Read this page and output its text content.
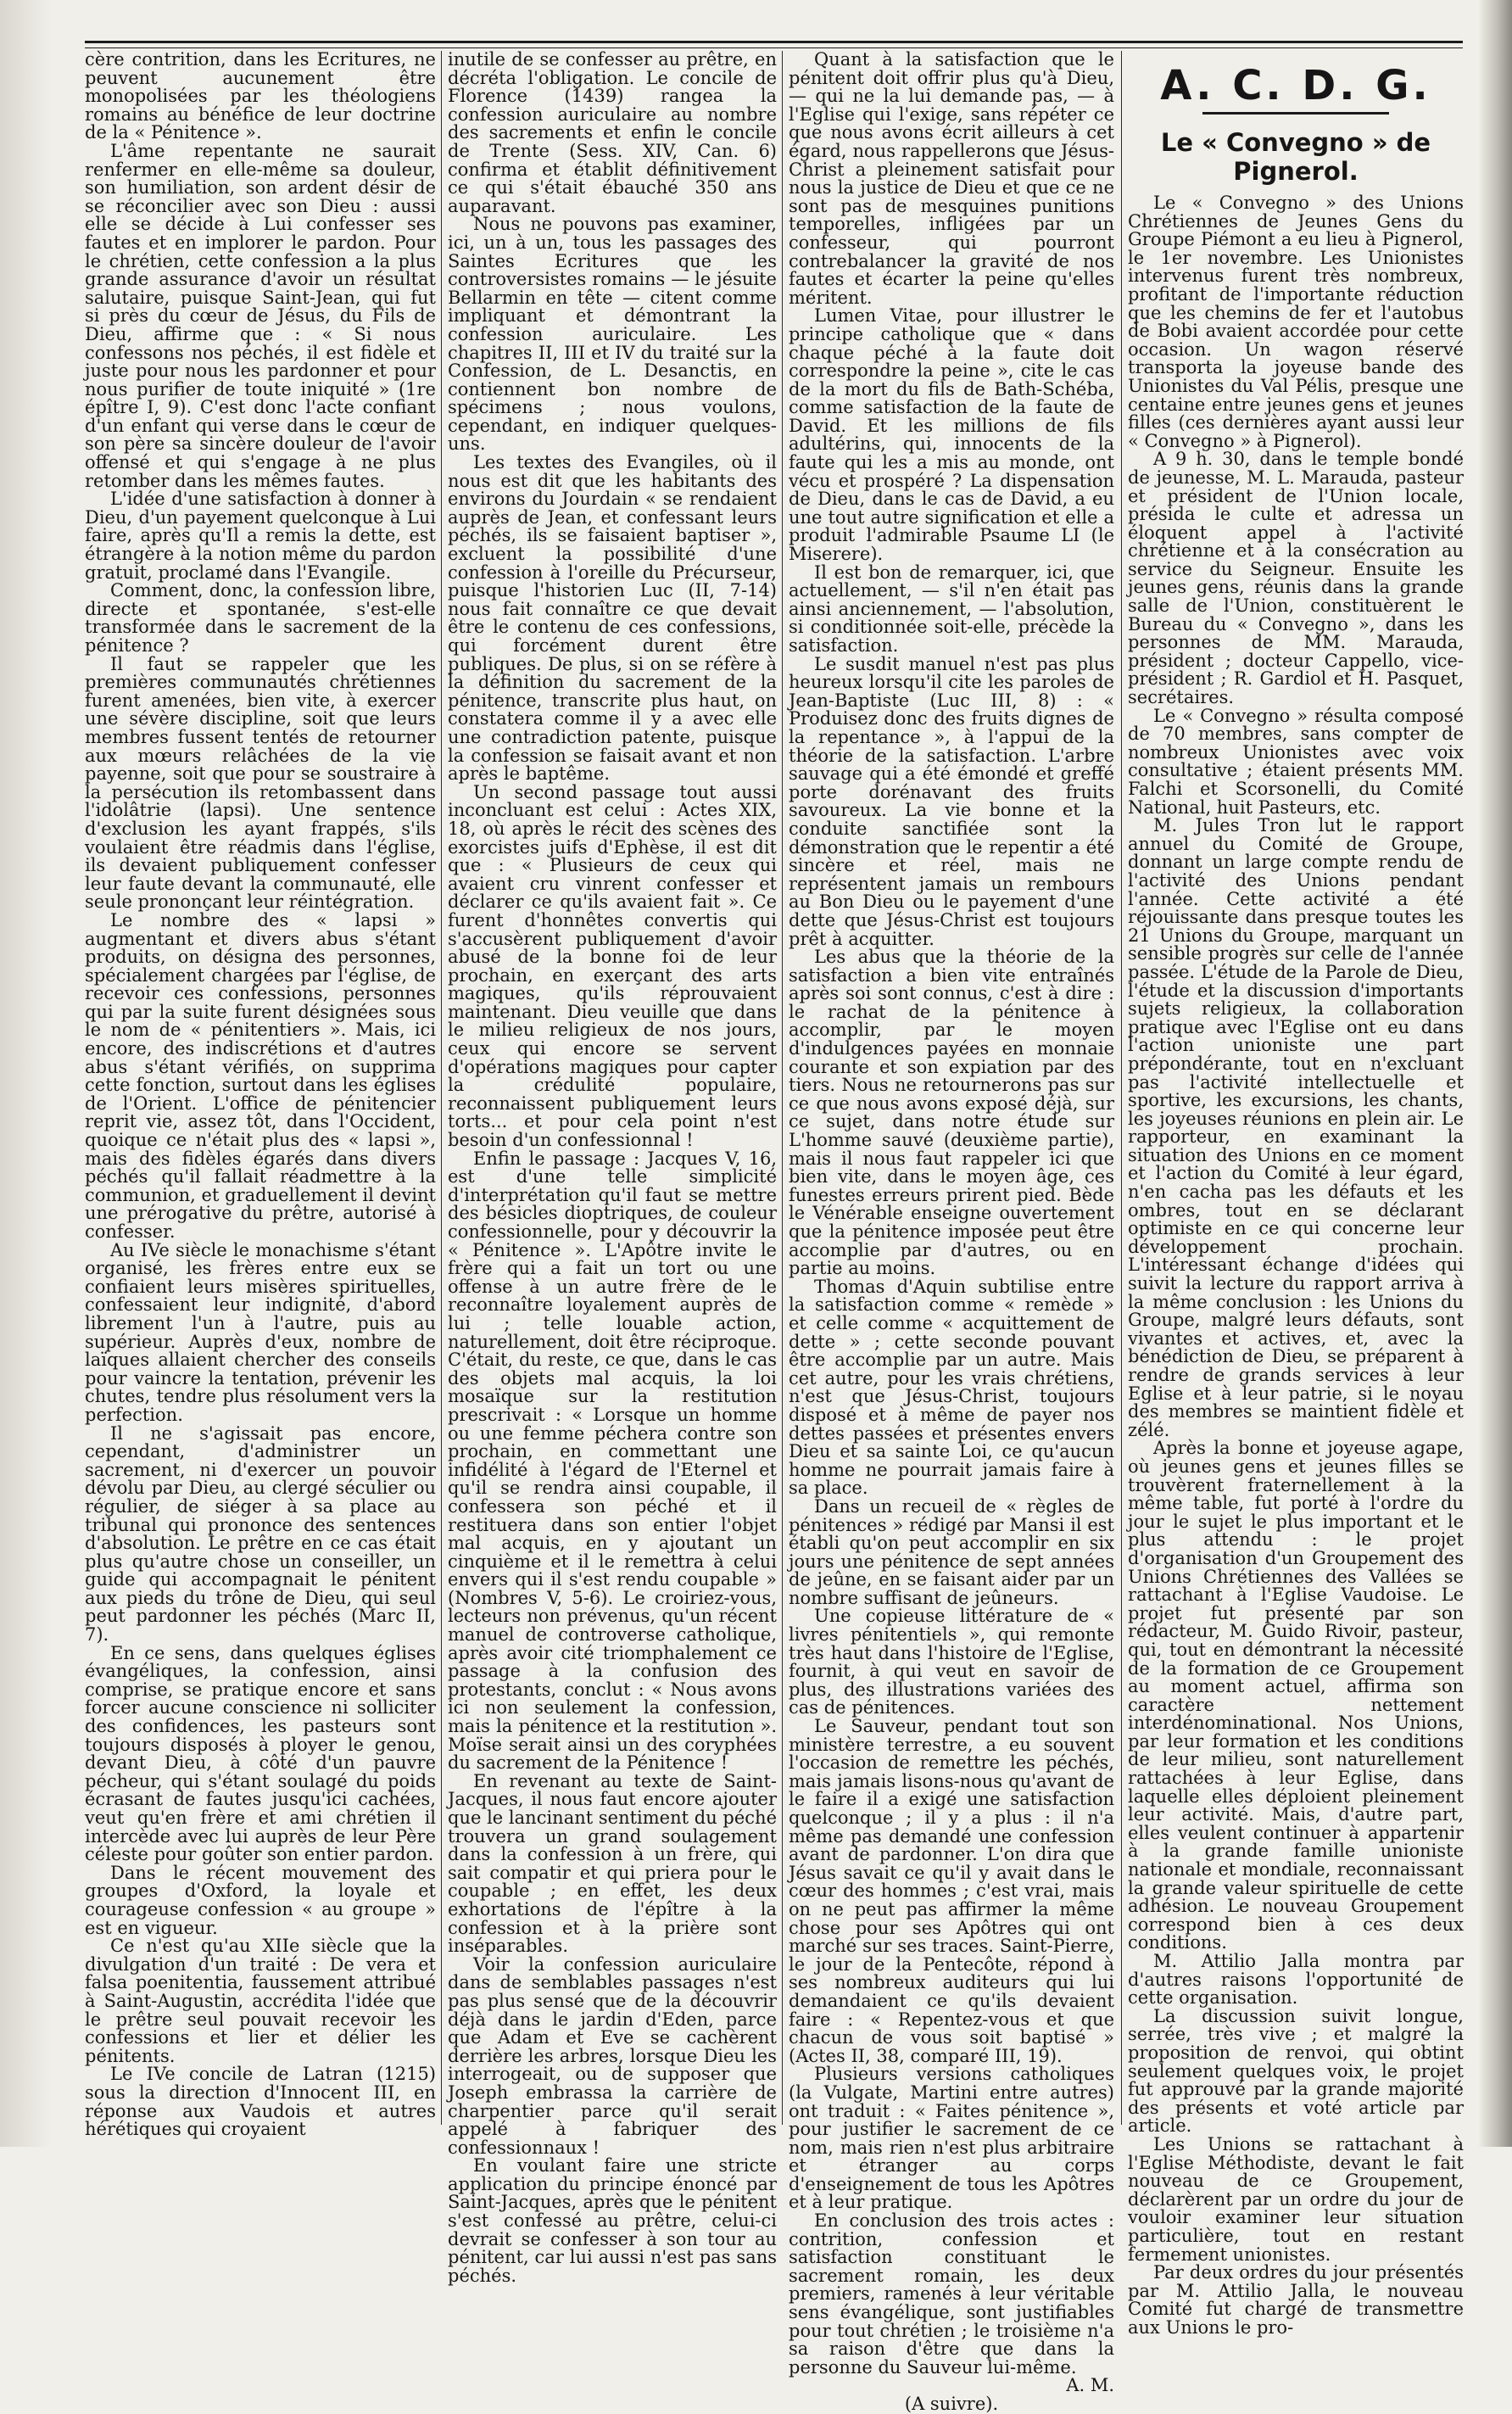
cère contrition, dans les Ecritures, ne peuvent aucunement être monopolisées par les théologiens romains au bénéfice de leur doctrine de la « Pénitence ».

L'âme repentante ne saurait renfermer en elle-même sa douleur, son humiliation, son ardent désir de se réconcilier avec son Dieu : aussi elle se décide à Lui confesser ses fautes et en implorer le pardon. Pour le chrétien, cette confession a la plus grande assurance d'avoir un résultat salutaire, puisque Saint-Jean, qui fut si près du cœur de Jésus, du Fils de Dieu, affirme que : « Si nous confessons nos péchés, il est fidèle et juste pour nous les pardonner et pour nous purifier de toute iniquité » (1re épître I, 9). C'est donc l'acte confiant d'un enfant qui verse dans le cœur de son père sa sincère douleur de l'avoir offensé et qui s'engage à ne plus retomber dans les mêmes fautes.

L'idée d'une satisfaction à donner à Dieu, d'un payement quelconque à Lui faire, après qu'Il a remis la dette, est étrangère à la notion même du pardon gratuit, proclamé dans l'Evangile.

Comment, donc, la confession libre, directe et spontanée, s'est-elle transformée dans le sacrement de la pénitence ?

Il faut se rappeler que les premières communautés chrétiennes furent amenées, bien vite, à exercer une sévère discipline, soit que leurs membres fussent tentés de retourner aux mœurs relâchées de la vie payenne, soit que pour se soustraire à la persécution ils retombassent dans l'idolâtrie (lapsi). Une sentence d'exclusion les ayant frappés, s'ils voulaient être réadmis dans l'église, ils devaient publiquement confesser leur faute devant la communauté, elle seule prononçant leur réintégration.

Le nombre des « lapsi » augmentant et divers abus s'étant produits, on désigna des personnes, spécialement chargées par l'église, de recevoir ces confessions, personnes qui par la suite furent désignées sous le nom de « pénitentiers ». Mais, ici encore, des indiscrétions et d'autres abus s'étant vérifiés, on supprima cette fonction, surtout dans les églises de l'Orient. L'office de pénitencier reprit vie, assez tôt, dans l'Occident, quoique ce n'était plus des « lapsi », mais des fidèles égarés dans divers péchés qu'il fallait réadmettre à la communion, et graduellement il devint une prérogative du prêtre, autorisé à confesser.

Au IVe siècle le monachisme s'étant organisé, les frères entre eux se confiaient leurs misères spirituelles, confessaient leur indignité, d'abord librement l'un à l'autre, puis au supérieur. Auprès d'eux, nombre de laïques allaient chercher des conseils pour vaincre la tentation, prévenir les chutes, tendre plus résolument vers la perfection.

Il ne s'agissait pas encore, cependant, d'administrer un sacrement, ni d'exercer un pouvoir dévolu par Dieu, au clergé séculier ou régulier, de siéger à sa place au tribunal qui prononce des sentences d'absolution. Le prêtre en ce cas était plus qu'autre chose un conseiller, un guide qui accompagnait le pénitent aux pieds du trône de Dieu, qui seul peut pardonner les péchés (Marc II, 7).

En ce sens, dans quelques églises évangéliques, la confession, ainsi comprise, se pratique encore et sans forcer aucune conscience ni solliciter des confidences, les pasteurs sont toujours disposés à ployer le genou, devant Dieu, à côté d'un pauvre pécheur, qui s'étant soulagé du poids écrasant de fautes jusqu'ici cachées, veut qu'en frère et ami chrétien il intercède avec lui auprès de leur Père céleste pour goûter son entier pardon.

Dans le récent mouvement des groupes d'Oxford, la loyale et courageuse confession « au groupe » est en vigueur.

Ce n'est qu'au XIIe siècle que la divulgation d'un traité : De vera et falsa poenitentia, faussement attribué à Saint-Augustin, accrédita l'idée que le prêtre seul pouvait recevoir les confessions et lier et délier les pénitents.

Le IVe concile de Latran (1215) sous la direction d'Innocent III, en réponse aux Vaudois et autres hérétiques qui croyaient

inutile de se confesser au prêtre, en décréta l'obligation. Le concile de Florence (1439) rangea la confession auriculaire au nombre des sacrements et enfin le concile de Trente (Sess. XIV, Can. 6) confirma et établit définitivement ce qui s'était ébauché 350 ans auparavant.

Nous ne pouvons pas examiner, ici, un à un, tous les passages des Saintes Ecritures que les controversistes romains — le jésuite Bellarmin en tête — citent comme impliquant et démontrant la confession auriculaire. Les chapitres II, III et IV du traité sur la Confession, de L. Desanctis, en contiennent bon nombre de spécimens ; nous voulons, cependant, en indiquer quelques-uns.

Les textes des Evangiles, où il nous est dit que les habitants des environs du Jourdain « se rendaient auprès de Jean, et confessant leurs péchés, ils se faisaient baptiser », excluent la possibilité d'une confession à l'oreille du Précurseur, puisque l'historien Luc (II, 7-14) nous fait connaître ce que devait être le contenu de ces confessions, qui forcément durent être publiques. De plus, si on se réfère à la définition du sacrement de la pénitence, transcrite plus haut, on constatera comme il y a avec elle une contradiction patente, puisque la confession se faisait avant et non après le baptême.

Un second passage tout aussi inconcluant est celui : Actes XIX, 18, où après le récit des scènes des exorcistes juifs d'Ephèse, il est dit que : « Plusieurs de ceux qui avaient cru vinrent confesser et déclarer ce qu'ils avaient fait ». Ce furent d'honnêtes convertis qui s'accusèrent publiquement d'avoir abusé de la bonne foi de leur prochain, en exerçant des arts magiques, qu'ils réprouvaient maintenant. Dieu veuille que dans le milieu religieux de nos jours, ceux qui encore se servent d'opérations magiques pour capter la crédulité populaire, reconnaissent publiquement leurs torts... et pour cela point n'est besoin d'un confessionnal !

Enfin le passage : Jacques V, 16, est d'une telle simplicité d'interprétation qu'il faut se mettre des bésicles dioptriques, de couleur confessionnelle, pour y découvrir la « Pénitence ». L'Apôtre invite le frère qui a fait un tort ou une offense à un autre frère de le reconnaître loyalement auprès de lui ; telle louable action, naturellement, doit être réciproque. C'était, du reste, ce que, dans le cas des objets mal acquis, la loi mosaïque sur la restitution prescrivait : « Lorsque un homme ou une femme péchera contre son prochain, en commettant une infidélité à l'égard de l'Eternel et qu'il se rendra ainsi coupable, il confessera son péché et il restituera dans son entier l'objet mal acquis, en y ajoutant un cinquième et il le remettra à celui envers qui il s'est rendu coupable » (Nombres V, 5-6). Le croiriez-vous, lecteurs non prévenus, qu'un récent manuel de controverse catholique, après avoir cité triomphalement ce passage à la confusion des protestants, conclut : « Nous avons ici non seulement la confession, mais la pénitence et la restitution ». Moïse serait ainsi un des coryphées du sacrement de la Pénitence !

En revenant au texte de Saint-Jacques, il nous faut encore ajouter que le lancinant sentiment du péché trouvera un grand soulagement dans la confession à un frère, qui sait compatir et qui priera pour le coupable ; en effet, les deux exhortations de l'épître à la confession et à la prière sont inséparables.

Voir la confession auriculaire dans de semblables passages n'est pas plus sensé que de la découvrir déjà dans le jardin d'Eden, parce que Adam et Eve se cachèrent derrière les arbres, lorsque Dieu les interrogeait, ou de supposer que Joseph embrassa la carrière de charpentier parce qu'il serait appelé à fabriquer des confessionnaux !

En voulant faire une stricte application du principe énoncé par Saint-Jacques, après que le pénitent s'est confessé au prêtre, celui-ci devrait se confesser à son tour au pénitent, car lui aussi n'est pas sans péchés.

Quant à la satisfaction que le pénitent doit offrir plus qu'à Dieu, — qui ne la lui demande pas, — à l'Eglise qui l'exige, sans répéter ce que nous avons écrit ailleurs à cet égard, nous rappellerons que Jésus-Christ a pleinement satisfait pour nous la justice de Dieu et que ce ne sont pas de mesquines punitions temporelles, infligées par un confesseur, qui pourront contrebalancer la gravité de nos fautes et écarter la peine qu'elles méritent.

Lumen Vitae, pour illustrer le principe catholique que « dans chaque péché à la faute doit correspondre la peine », cite le cas de la mort du fils de Bath-Schéba, comme satisfaction de la faute de David. Et les millions de fils adultérins, qui, innocents de la faute qui les a mis au monde, ont vécu et prospéré ? La dispensation de Dieu, dans le cas de David, a eu une tout autre signification et elle a produit l'admirable Psaume LI (le Miserere).

Il est bon de remarquer, ici, que actuellement, — s'il n'en était pas ainsi anciennement, — l'absolution, si conditionnée soit-elle, précède la satisfaction.

Le susdit manuel n'est pas plus heureux lorsqu'il cite les paroles de Jean-Baptiste (Luc III, 8) : « Produisez donc des fruits dignes de la repentance », à l'appui de la théorie de la satisfaction. L'arbre sauvage qui a été émondé et greffé porte dorénavant des fruits savoureux. La vie bonne et la conduite sanctifiée sont la démonstration que le repentir a été sincère et réel, mais ne représentent jamais un rembours au Bon Dieu ou le payement d'une dette que Jésus-Christ est toujours prêt à acquitter.

Les abus que la théorie de la satisfaction a bien vite entraînés après soi sont connus, c'est à dire : le rachat de la pénitence à accomplir, par le moyen d'indulgences payées en monnaie courante et son expiation par des tiers. Nous ne retournerons pas sur ce que nous avons exposé déjà, sur ce sujet, dans notre étude sur L'homme sauvé (deuxième partie), mais il nous faut rappeler ici que bien vite, dans le moyen âge, ces funestes erreurs prirent pied. Bède le Vénérable enseigne ouvertement que la pénitence imposée peut être accomplie par d'autres, ou en partie au moins.

Thomas d'Aquin subtilise entre la satisfaction comme « remède » et celle comme « acquittement de dette » ; cette seconde pouvant être accomplie par un autre. Mais cet autre, pour les vrais chrétiens, n'est que Jésus-Christ, toujours disposé et à même de payer nos dettes passées et présentes envers Dieu et sa sainte Loi, ce qu'aucun homme ne pourrait jamais faire à sa place.

Dans un recueil de « règles de pénitences » rédigé par Mansi il est établi qu'on peut accomplir en six jours une pénitence de sept années de jeûne, en se faisant aider par un nombre suffisant de jeûneurs.

Une copieuse littérature de « livres pénitentiels », qui remonte très haut dans l'histoire de l'Eglise, fournit, à qui veut en savoir de plus, des illustrations variées des cas de pénitences.

Le Sauveur, pendant tout son ministère terrestre, a eu souvent l'occasion de remettre les péchés, mais jamais lisons-nous qu'avant de le faire il a exigé une satisfaction quelconque ; il y a plus : il n'a même pas demandé une confession avant de pardonner. L'on dira que Jésus savait ce qu'il y avait dans le cœur des hommes ; c'est vrai, mais on ne peut pas affirmer la même chose pour ses Apôtres qui ont marché sur ses traces. Saint-Pierre, le jour de la Pentecôte, répond à ses nombreux auditeurs qui lui demandaient ce qu'ils devaient faire : « Repentez-vous et que chacun de vous soit baptisé » (Actes II, 38, comparé III, 19).

Plusieurs versions catholiques (la Vulgate, Martini entre autres) ont traduit : « Faites pénitence », pour justifier le sacrement de ce nom, mais rien n'est plus arbitraire et étranger au corps d'enseignement de tous les Apôtres et à leur pratique.

En conclusion des trois actes : contrition, confession et satisfaction constituant le sacrement romain, les deux premiers, ramenés à leur véritable sens évangélique, sont justifiables pour tout chrétien ; le troisième n'a sa raison d'être que dans la personne du Sauveur lui-même.

A. M.

(A suivre).

A. C. D. G.
Le « Convegno » de Pignerol.

Le « Convegno » des Unions Chrétiennes de Jeunes Gens du Groupe Piémont a eu lieu à Pignerol, le 1er novembre. Les Unionistes intervenus furent très nombreux, profitant de l'importante réduction que les chemins de fer et l'autobus de Bobi avaient accordée pour cette occasion. Un wagon réservé transporta la joyeuse bande des Unionistes du Val Pélis, presque une centaine entre jeunes gens et jeunes filles (ces dernières ayant aussi leur « Convegno » à Pignerol).

A 9 h. 30, dans le temple bondé de jeunesse, M. L. Marauda, pasteur et président de l'Union locale, présida le culte et adressa un éloquent appel à l'activité chrétienne et à la consécration au service du Seigneur. Ensuite les jeunes gens, réunis dans la grande salle de l'Union, constituèrent le Bureau du « Convegno », dans les personnes de MM. Marauda, président ; docteur Cappello, vice-président ; R. Gardiol et H. Pasquet, secrétaires.

Le « Convegno » résulta composé de 70 membres, sans compter de nombreux Unionistes avec voix consultative ; étaient présents MM. Falchi et Scorsonelli, du Comité National, huit Pasteurs, etc.

M. Jules Tron lut le rapport annuel du Comité de Groupe, donnant un large compte rendu de l'activité des Unions pendant l'année. Cette activité a été réjouissante dans presque toutes les 21 Unions du Groupe, marquant un sensible progrès sur celle de l'année passée. L'étude de la Parole de Dieu, l'étude et la discussion d'importants sujets religieux, la collaboration pratique avec l'Eglise ont eu dans l'action unioniste une part prépondérante, tout en n'excluant pas l'activité intellectuelle et sportive, les excursions, les chants, les joyeuses réunions en plein air. Le rapporteur, en examinant la situation des Unions en ce moment et l'action du Comité à leur égard, n'en cacha pas les défauts et les ombres, tout en se déclarant optimiste en ce qui concerne leur développement prochain. L'intéressant échange d'idées qui suivit la lecture du rapport arriva à la même conclusion : les Unions du Groupe, malgré leurs défauts, sont vivantes et actives, et, avec la bénédiction de Dieu, se préparent à rendre de grands services à leur Eglise et à leur patrie, si le noyau des membres se maintient fidèle et zélé.

Après la bonne et joyeuse agape, où jeunes gens et jeunes filles se trouvèrent fraternellement à la même table, fut porté à l'ordre du jour le sujet le plus important et le plus attendu : le projet d'organisation d'un Groupement des Unions Chrétiennes des Vallées se rattachant à l'Eglise Vaudoise. Le projet fut présenté par son rédacteur, M. Guido Rivoir, pasteur, qui, tout en démontrant la nécessité de la formation de ce Groupement au moment actuel, affirma son caractère nettement interdénominational. Nos Unions, par leur formation et les conditions de leur milieu, sont naturellement rattachées à leur Eglise, dans laquelle elles déploient pleinement leur activité. Mais, d'autre part, elles veulent continuer à appartenir à la grande famille unioniste nationale et mondiale, reconnaissant la grande valeur spirituelle de cette adhésion. Le nouveau Groupement correspond bien à ces deux conditions.

M. Attilio Jalla montra par d'autres raisons l'opportunité de cette organisation.

La discussion suivit longue, serrée, très vive ; et malgré la proposition de renvoi, qui obtint seulement quelques voix, le projet fut approuvé par la grande majorité des présents et voté article par article.

Les Unions se rattachant à l'Eglise Méthodiste, devant le fait nouveau de ce Groupement, déclarèrent par un ordre du jour de vouloir examiner leur situation particulière, tout en restant fermement unionistes.

Par deux ordres du jour présentés par M. Attilio Jalla, le nouveau Comité fut chargé de transmettre aux Unions le pro-
